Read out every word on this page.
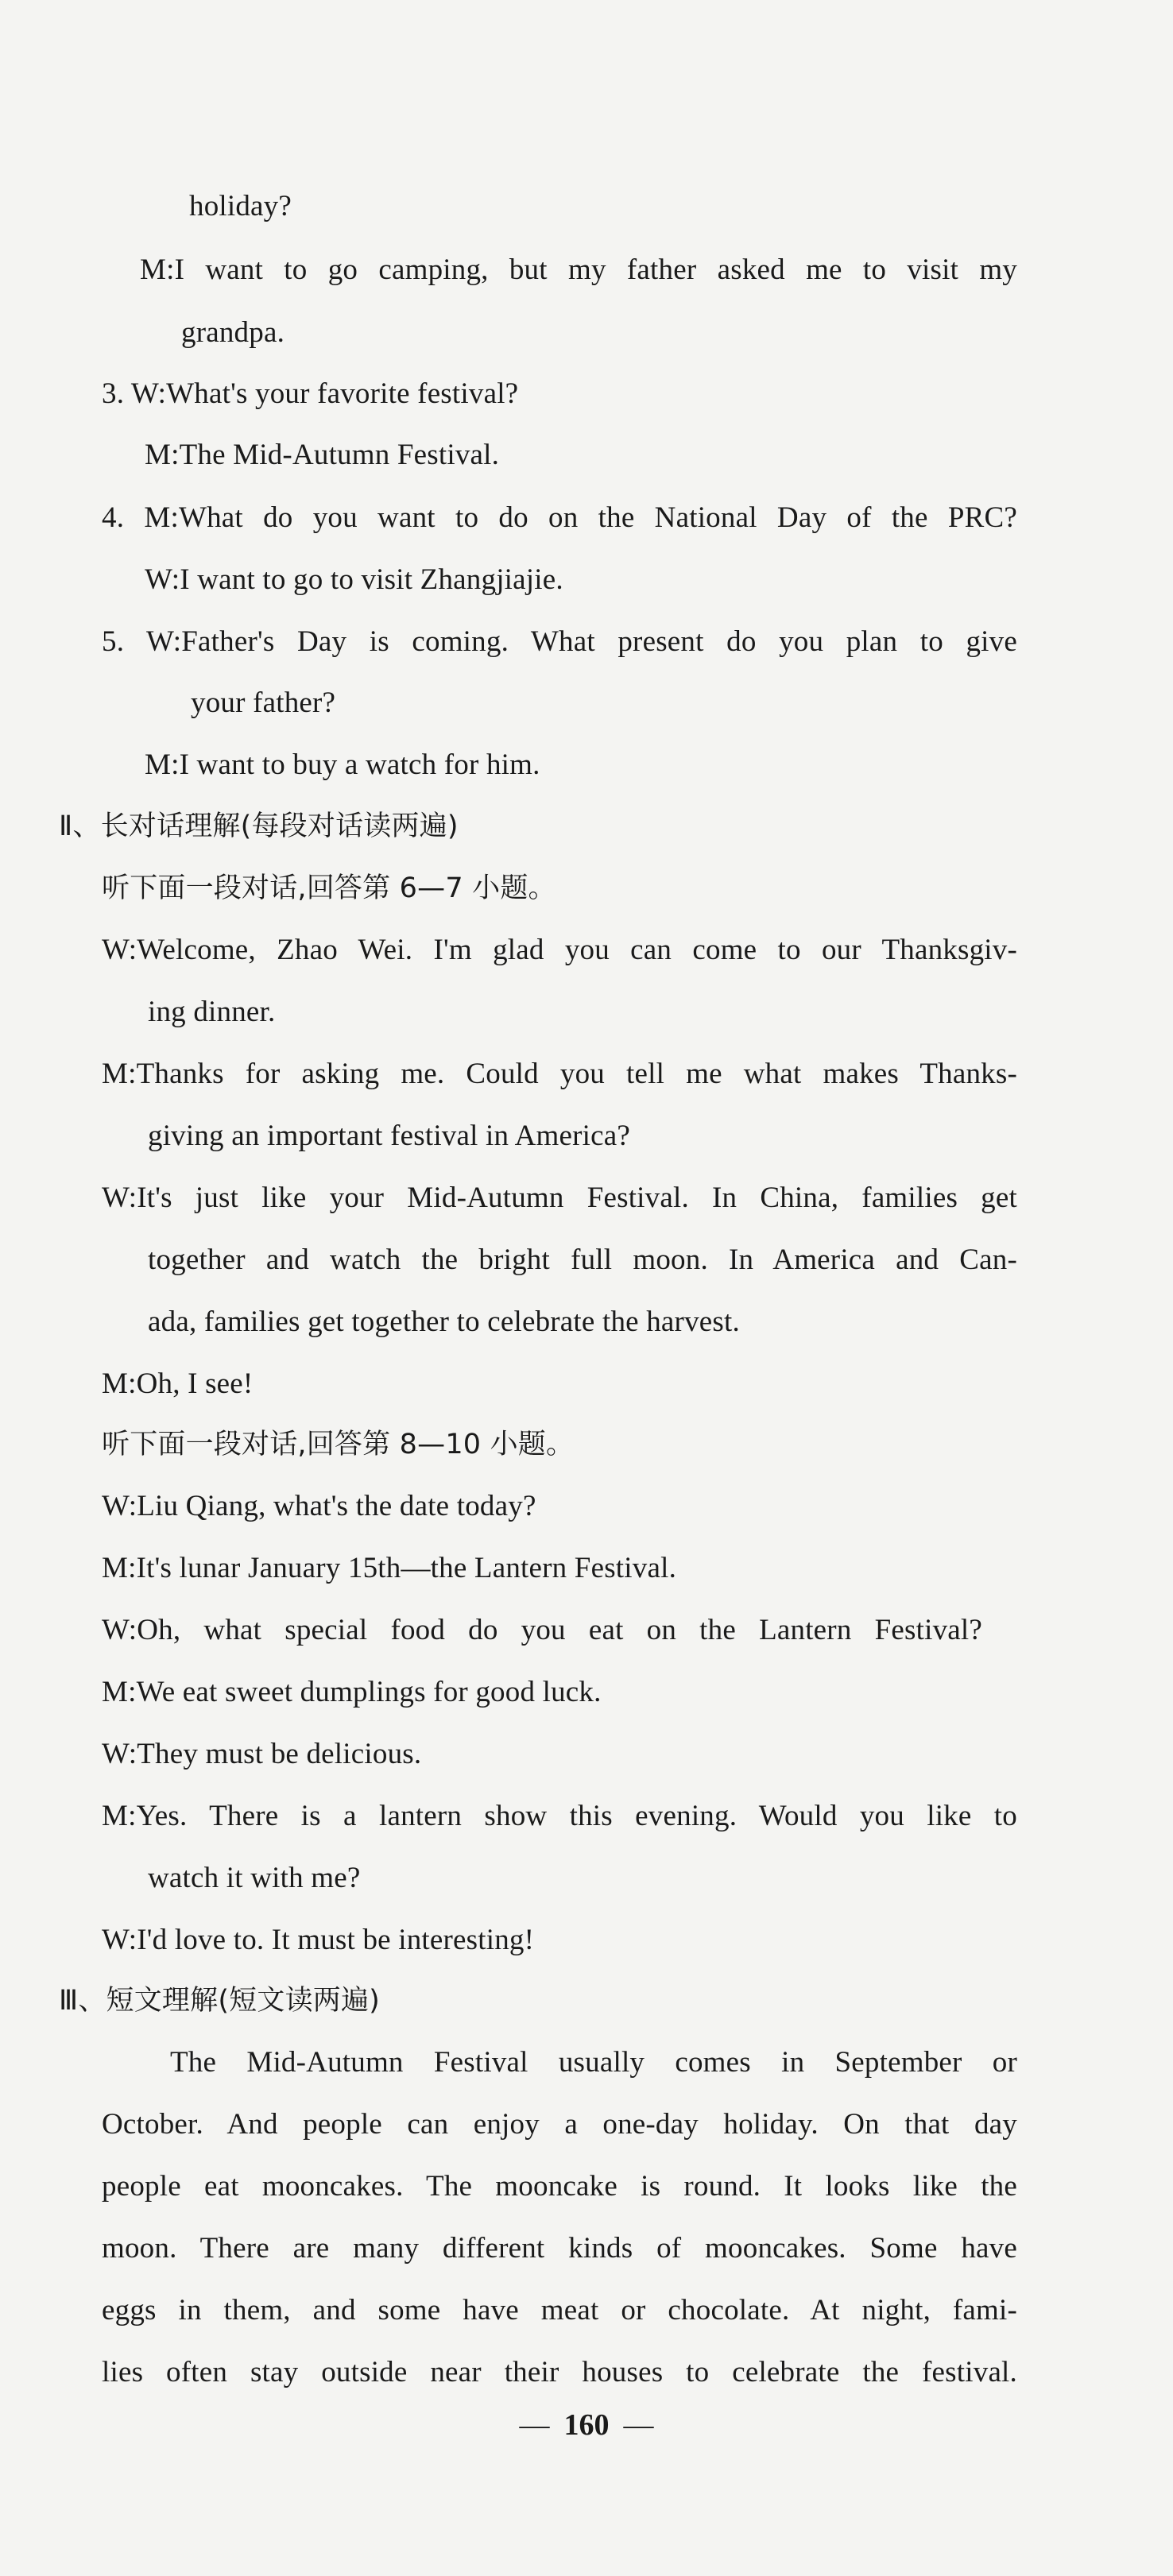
holiday?
M:I want to go camping, but my father asked me to visit my
grandpa.
3. W:What's your favorite festival?
M:The Mid-Autumn Festival.
4. M:What do you want to do on the National Day of the PRC?
W:I want to go to visit Zhangjiajie.
5. W:Father's Day is coming. What present do you plan to give
your father?
M:I want to buy a watch for him.
Ⅱ、长对话理解(每段对话读两遍)
听下面一段对话,回答第 6—7 小题。
W:Welcome, Zhao Wei. I'm glad you can come to our Thanksgiv-
ing dinner.
M:Thanks for asking me. Could you tell me what makes Thanks-
giving an important festival in America?
W:It's just like your Mid-Autumn Festival. In China, families get
together and watch the bright full moon. In America and Can-
ada, families get together to celebrate the harvest.
M:Oh, I see!
听下面一段对话,回答第 8—10 小题。
W:Liu Qiang, what's the date today?
M:It's lunar January 15th—the Lantern Festival.
W:Oh, what special food do you eat on the Lantern Festival?
M:We eat sweet dumplings for good luck.
W:They must be delicious.
M:Yes. There is a lantern show this evening. Would you like to
watch it with me?
W:I'd love to. It must be interesting!
Ⅲ、短文理解(短文读两遍)
The Mid-Autumn Festival usually comes in September or
October. And people can enjoy a one-day holiday. On that day
people eat mooncakes. The mooncake is round. It looks like the
moon. There are many different kinds of mooncakes. Some have
eggs in them, and some have meat or chocolate. At night, fami-
lies often stay outside near their houses to celebrate the festival.
— 160 —
